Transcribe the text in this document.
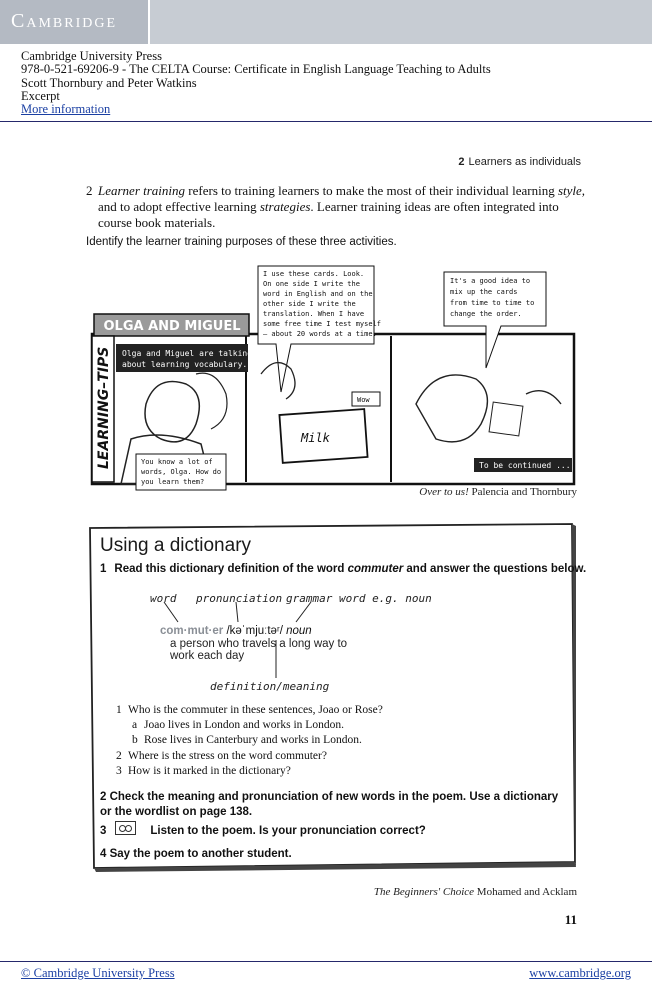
Cambridge
Cambridge University Press
978-0-521-69206-9 - The CELTA Course: Certificate in English Language Teaching to Adults
Scott Thornbury and Peter Watkins
Excerpt
More information
2 Learners as individuals
2 Learner training refers to training learners to make the most of their individual learning style, and to adopt effective learning strategies. Learner training ideas are often integrated into course book materials.
Identify the learner training purposes of these three activities.
OLGA AND MIGUEL
LEARNING–TIPS Olga and Miguel are talking
about learning vocabulary.
You know a lot of
words, Olga. How do
you learn them?
I use these cards. Look.
On one side I write the
word in English and on the
other side I write the
translation. When I have
some free time I test myself
– about 20 words at a time.
Milk
Wow
It's a good idea to
mix up the cards
from time to time to
change the order.
To be continued ...
Over to us! Palencia and Thornbury
Using a dictionary
1 Read this dictionary definition of the word commuter and answer the questions below.
word pronunciation grammar word e.g. noun
com·mut·er /kəˈmjuːtəʳ/ noun
a person who travels a long way to
work each day
definition/meaning
1 Who is the commuter in these sentences, Joao or Rose?
a Joao lives in London and works in London.
b Rose lives in Canterbury and works in London.
2 Where is the stress on the word commuter?
3 How is it marked in the dictionary?
2 Check the meaning and pronunciation of new words in the poem. Use a dictionary or the wordlist on page 138.
3	Listen to the poem. Is your pronunciation correct?
4 Say the poem to another student.
The Beginners' Choice Mohamed and Acklam
11
© Cambridge University Press	www.cambridge.org
